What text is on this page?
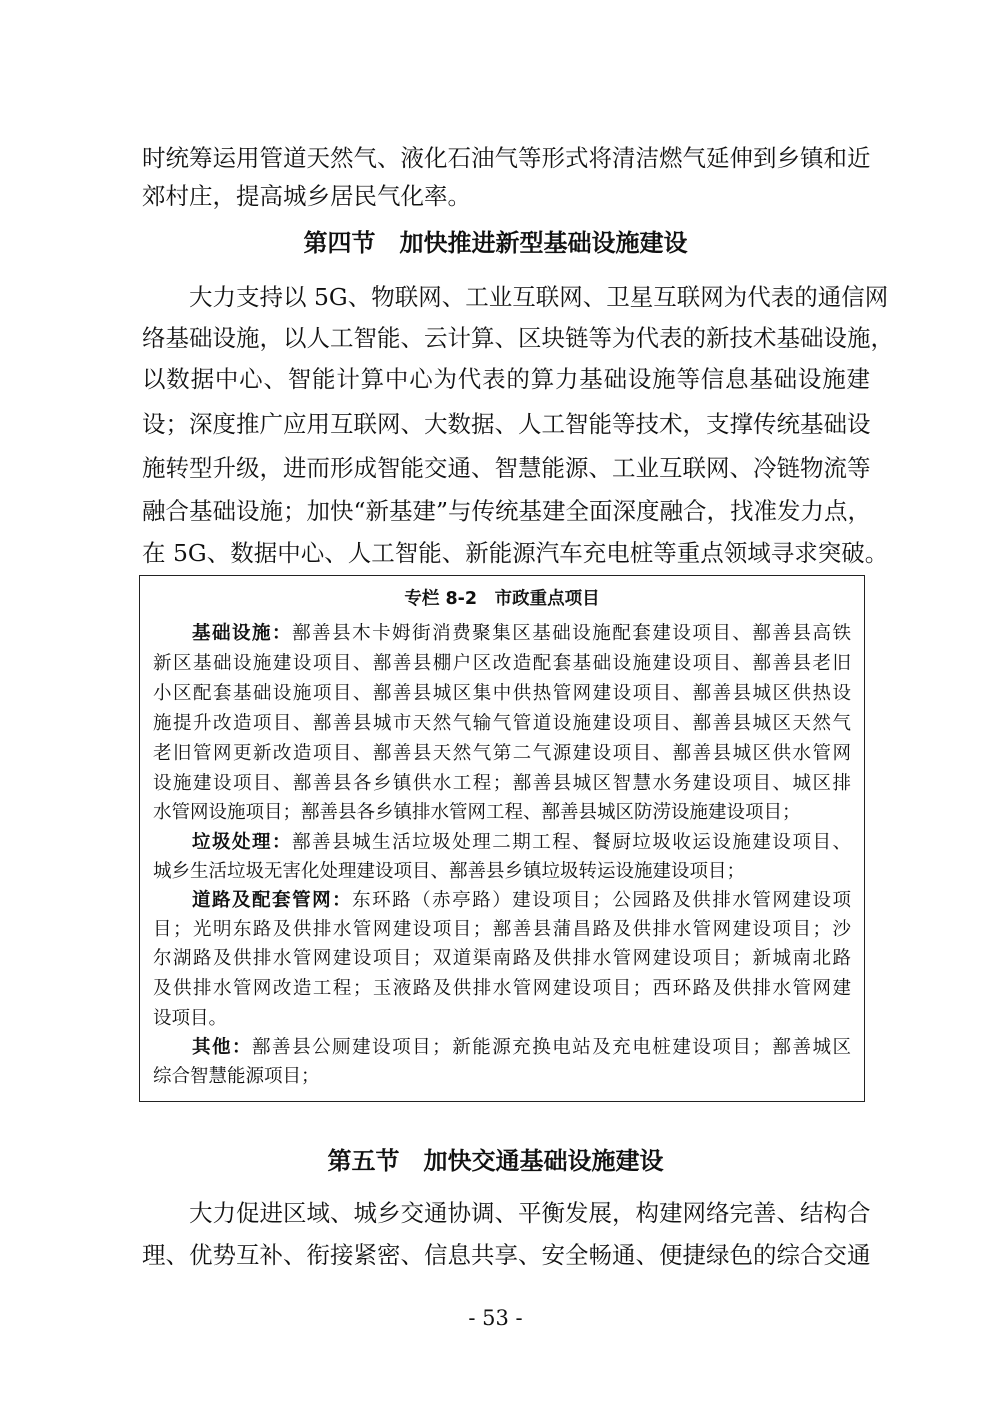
时统筹运用管道天然气、液化石油气等形式将清洁燃气延伸到乡镇和近
郊村庄，提高城乡居民气化率。
第四节　加快推进新型基础设施建设
大力支持以 5G、物联网、工业互联网、卫星互联网为代表的通信网
络基础设施，以人工智能、云计算、区块链等为代表的新技术基础设施，
以数据中心、智能计算中心为代表的算力基础设施等信息基础设施建
设；深度推广应用互联网、大数据、人工智能等技术，支撑传统基础设
施转型升级，进而形成智能交通、智慧能源、工业互联网、冷链物流等
融合基础设施；加快“新基建”与传统基建全面深度融合，找准发力点，
在 5G、数据中心、人工智能、新能源汽车充电桩等重点领域寻求突破。
专栏 8-2　市政重点项目
基础设施：鄯善县木卡姆街消费聚集区基础设施配套建设项目、鄯善县高铁
新区基础设施建设项目、鄯善县棚户区改造配套基础设施建设项目、鄯善县老旧
小区配套基础设施项目、鄯善县城区集中供热管网建设项目、鄯善县城区供热设
施提升改造项目、鄯善县城市天然气输气管道设施建设项目、鄯善县城区天然气
老旧管网更新改造项目、鄯善县天然气第二气源建设项目、鄯善县城区供水管网
设施建设项目、鄯善县各乡镇供水工程；鄯善县城区智慧水务建设项目、城区排
水管网设施项目；鄯善县各乡镇排水管网工程、鄯善县城区防涝设施建设项目；
垃圾处理：鄯善县城生活垃圾处理二期工程、餐厨垃圾收运设施建设项目、
城乡生活垃圾无害化处理建设项目、鄯善县乡镇垃圾转运设施建设项目；
道路及配套管网：东环路（赤亭路）建设项目；公园路及供排水管网建设项
目；光明东路及供排水管网建设项目；鄯善县蒲昌路及供排水管网建设项目；沙
尔湖路及供排水管网建设项目；双道渠南路及供排水管网建设项目；新城南北路
及供排水管网改造工程；玉液路及供排水管网建设项目；西环路及供排水管网建
设项目。
其他：鄯善县公厕建设项目；新能源充换电站及充电桩建设项目；鄯善城区
综合智慧能源项目；
第五节　加快交通基础设施建设
大力促进区域、城乡交通协调、平衡发展，构建网络完善、结构合
理、优势互补、衔接紧密、信息共享、安全畅通、便捷绿色的综合交通
- 53 -
